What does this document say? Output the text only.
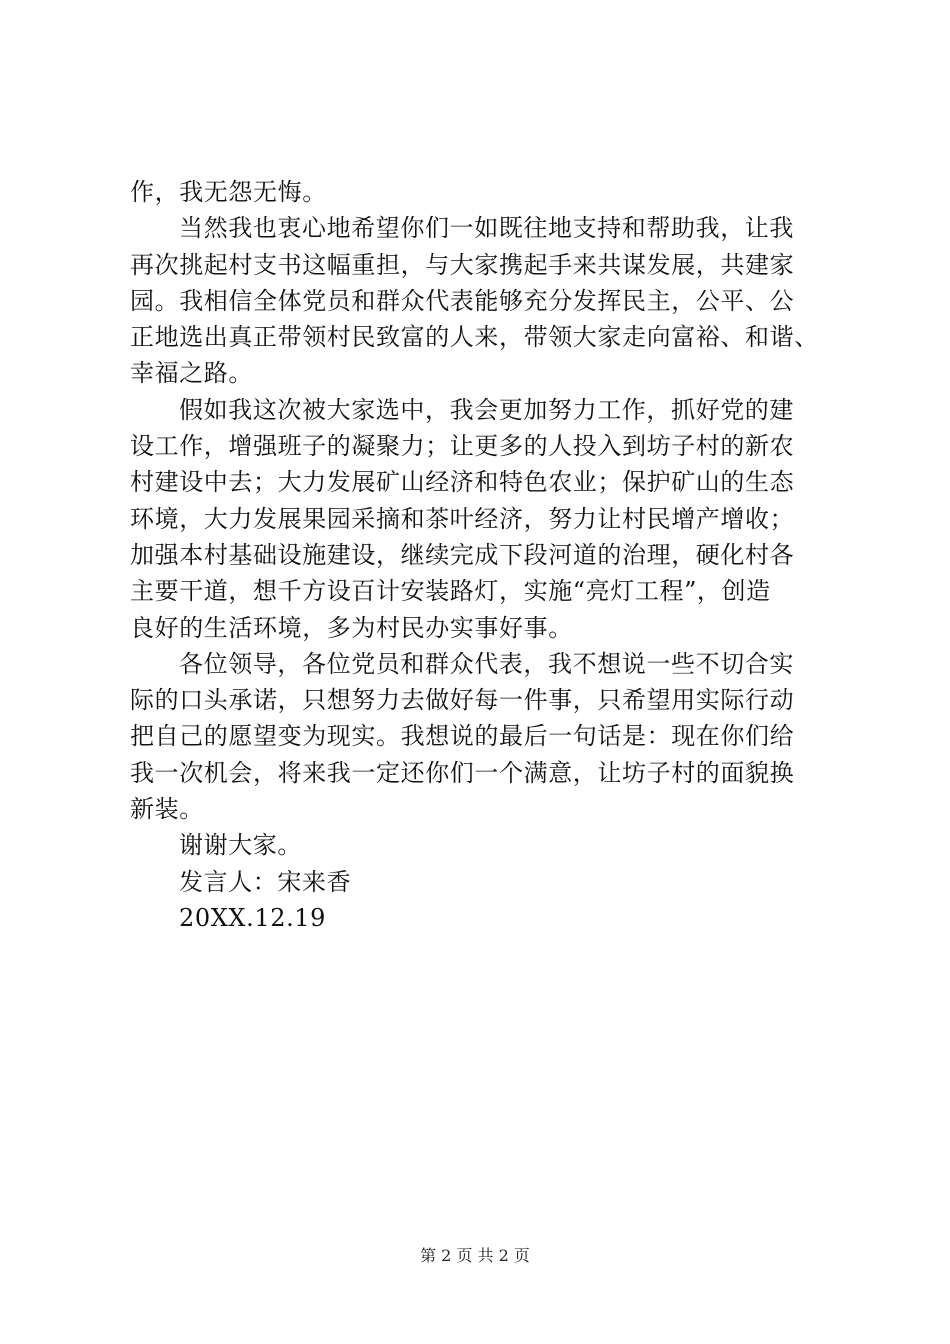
作，我无怨无悔。
当然我也衷心地希望你们一如既往地支持和帮助我，让我
再次挑起村支书这幅重担，与大家携起手来共谋发展，共建家
园。我相信全体党员和群众代表能够充分发挥民主，公平、公
正地选出真正带领村民致富的人来，带领大家走向富裕、和谐、
幸福之路。
假如我这次被大家选中，我会更加努力工作，抓好党的建
设工作，增强班子的凝聚力；让更多的人投入到坊子村的新农
村建设中去；大力发展矿山经济和特色农业；保护矿山的生态
环境，大力发展果园采摘和茶叶经济，努力让村民增产增收；
加强本村基础设施建设，继续完成下段河道的治理，硬化村各
主要干道，想千方设百计安装路灯，实施“亮灯工程”，创造
良好的生活环境，多为村民办实事好事。
各位领导，各位党员和群众代表，我不想说一些不切合实
际的口头承诺，只想努力去做好每一件事，只希望用实际行动
把自己的愿望变为现实。我想说的最后一句话是：现在你们给
我一次机会，将来我一定还你们一个满意，让坊子村的面貌换
新装。
谢谢大家。
发言人：宋来香
20XX.12.19
第 2 页 共 2 页
